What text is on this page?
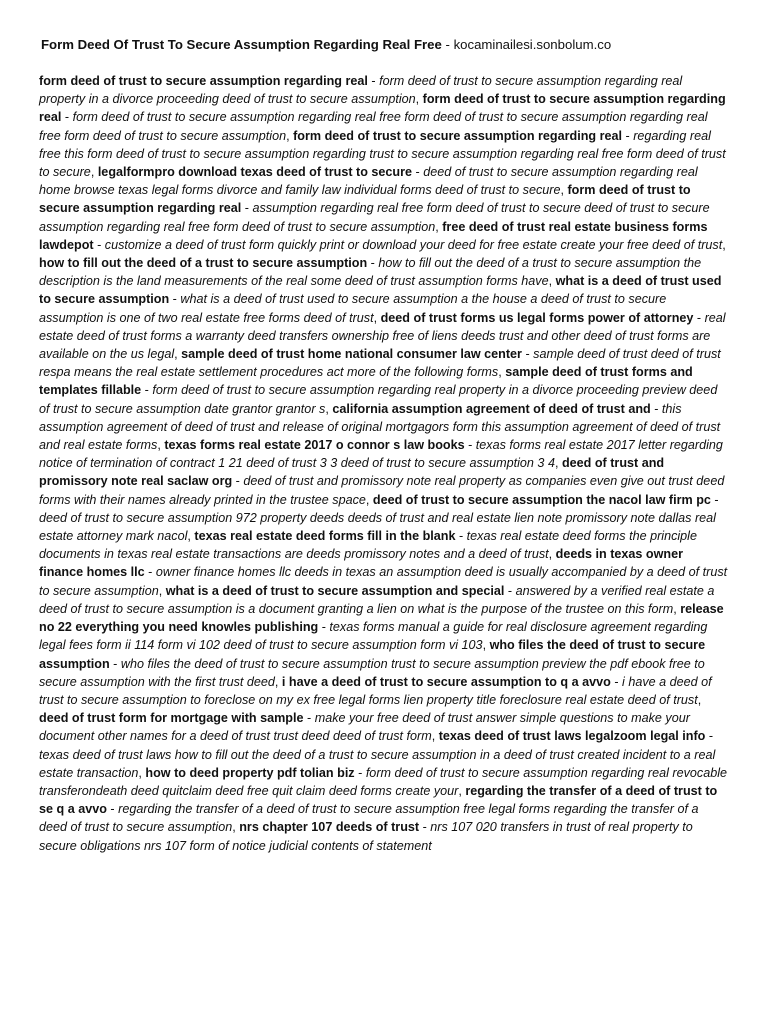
Form Deed Of Trust To Secure Assumption Regarding Real Free - kocaminailesi.sonbolum.co
form deed of trust to secure assumption regarding real - form deed of trust to secure assumption regarding real property in a divorce proceeding deed of trust to secure assumption, form deed of trust to secure assumption regarding real - form deed of trust to secure assumption regarding real free form deed of trust to secure assumption regarding real free form deed of trust to secure assumption, form deed of trust to secure assumption regarding real - regarding real free this form deed of trust to secure assumption regarding trust to secure assumption regarding real free form deed of trust to secure, legalformpro download texas deed of trust to secure - deed of trust to secure assumption regarding real home browse texas legal forms divorce and family law individual forms deed of trust to secure, form deed of trust to secure assumption regarding real - assumption regarding real free form deed of trust to secure deed of trust to secure assumption regarding real free form deed of trust to secure assumption, free deed of trust real estate business forms lawdepot - customize a deed of trust form quickly print or download your deed for free estate create your free deed of trust, how to fill out the deed of a trust to secure assumption - how to fill out the deed of a trust to secure assumption the description is the land measurements of the real some deed of trust assumption forms have, what is a deed of trust used to secure assumption - what is a deed of trust used to secure assumption a the house a deed of trust to secure assumption is one of two real estate free forms deed of trust, deed of trust forms us legal forms power of attorney - real estate deed of trust forms a warranty deed transfers ownership free of liens deeds trust and other deed of trust forms are available on the us legal, sample deed of trust home national consumer law center - sample deed of trust deed of trust respa means the real estate settlement procedures act more of the following forms, sample deed of trust forms and templates fillable - form deed of trust to secure assumption regarding real property in a divorce proceeding preview deed of trust to secure assumption date grantor grantor s, california assumption agreement of deed of trust and - this assumption agreement of deed of trust and release of original mortgagors form this assumption agreement of deed of trust and real estate forms, texas forms real estate 2017 o connor s law books - texas forms real estate 2017 letter regarding notice of termination of contract 1 21 deed of trust 3 3 deed of trust to secure assumption 3 4, deed of trust and promissory note real saclaw org - deed of trust and promissory note real property as companies even give out trust deed forms with their names already printed in the trustee space, deed of trust to secure assumption the nacol law firm pc - deed of trust to secure assumption 972 property deeds deeds of trust and real estate lien note promissory note dallas real estate attorney mark nacol, texas real estate deed forms fill in the blank - texas real estate deed forms the principle documents in texas real estate transactions are deeds promissory notes and a deed of trust, deeds in texas owner finance homes llc - owner finance homes llc deeds in texas an assumption deed is usually accompanied by a deed of trust to secure assumption, what is a deed of trust to secure assumption and special - answered by a verified real estate a deed of trust to secure assumption is a document granting a lien on what is the purpose of the trustee on this form, release no 22 everything you need knowles publishing - texas forms manual a guide for real disclosure agreement regarding legal fees form ii 114 form vi 102 deed of trust to secure assumption form vi 103, who files the deed of trust to secure assumption - who files the deed of trust to secure assumption trust to secure assumption preview the pdf ebook free to secure assumption with the first trust deed, i have a deed of trust to secure assumption to q a avvo - i have a deed of trust to secure assumption to foreclose on my ex free legal forms lien property title foreclosure real estate deed of trust, deed of trust form for mortgage with sample - make your free deed of trust answer simple questions to make your document other names for a deed of trust trust deed deed of trust form, texas deed of trust laws legalzoom legal info - texas deed of trust laws how to fill out the deed of a trust to secure assumption in a deed of trust created incident to a real estate transaction, how to deed property pdf tolian biz - form deed of trust to secure assumption regarding real revocable transferondeath deed quitclaim deed free quit claim deed forms create your, regarding the transfer of a deed of trust to se q a avvo - regarding the transfer of a deed of trust to secure assumption free legal forms regarding the transfer of a deed of trust to secure assumption, nrs chapter 107 deeds of trust - nrs 107 020 transfers in trust of real property to secure obligations nrs 107 form of notice judicial contents of statement
